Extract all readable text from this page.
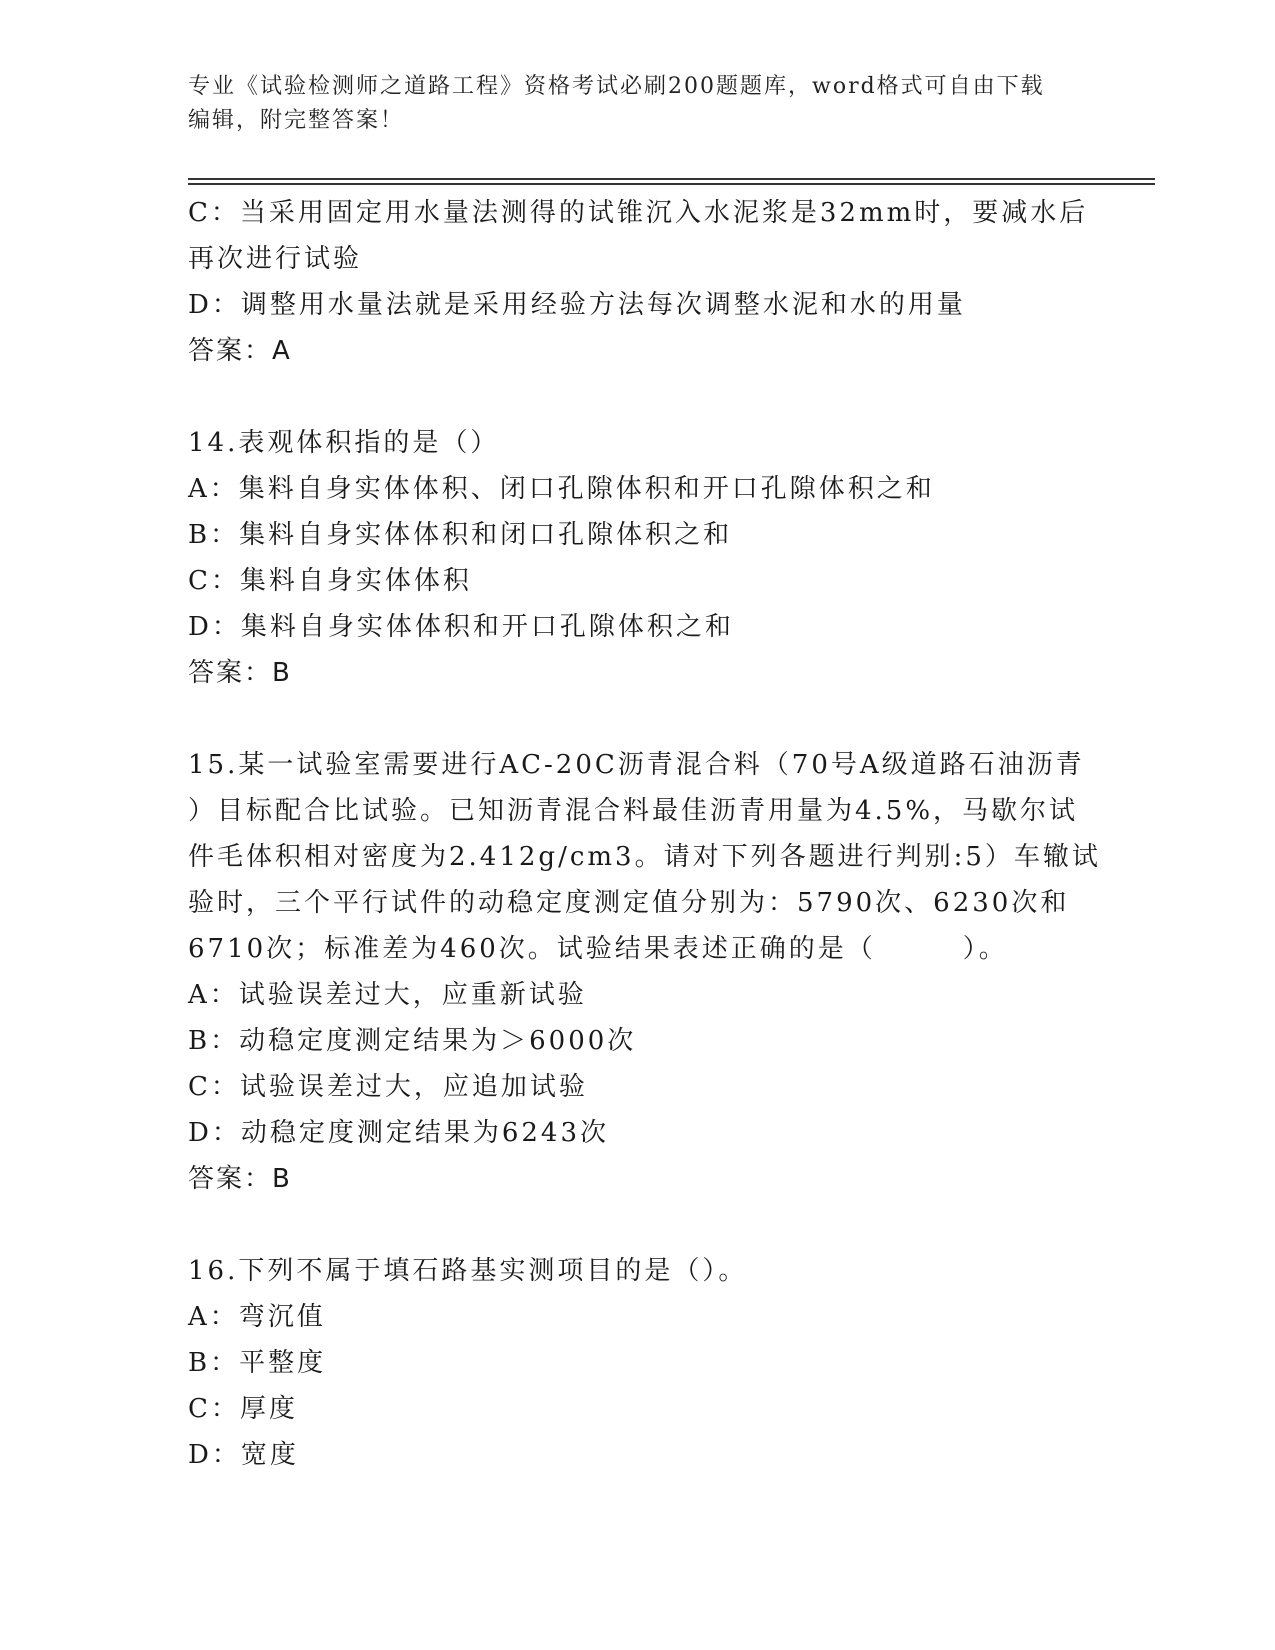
专业《试验检测师之道路工程》资格考试必刷200题题库，word格式可自由下载
编辑，附完整答案！
C：当采用固定用水量法测得的试锥沉入水泥浆是32mm时，要减水后
再次进行试验
D：调整用水量法就是采用经验方法每次调整水泥和水的用量
答案：A
14.表观体积指的是（）
A：集料自身实体体积、闭口孔隙体积和开口孔隙体积之和
B：集料自身实体体积和闭口孔隙体积之和
C：集料自身实体体积
D：集料自身实体体积和开口孔隙体积之和
答案：B
15.某一试验室需要进行AC-20C沥青混合料（70号A级道路石油沥青
）目标配合比试验。已知沥青混合料最佳沥青用量为4.5%，马歇尔试
件毛体积相对密度为2.412g/cm3。请对下列各题进行判别:5）车辙试
验时，三个平行试件的动稳定度测定值分别为：5790次、6230次和
6710次；标准差为460次。试验结果表述正确的是（　　　）。
A：试验误差过大，应重新试验
B：动稳定度测定结果为＞6000次
C：试验误差过大，应追加试验
D：动稳定度测定结果为6243次
答案：B
16.下列不属于填石路基实测项目的是（）。
A：弯沉值
B：平整度
C：厚度
D：宽度
